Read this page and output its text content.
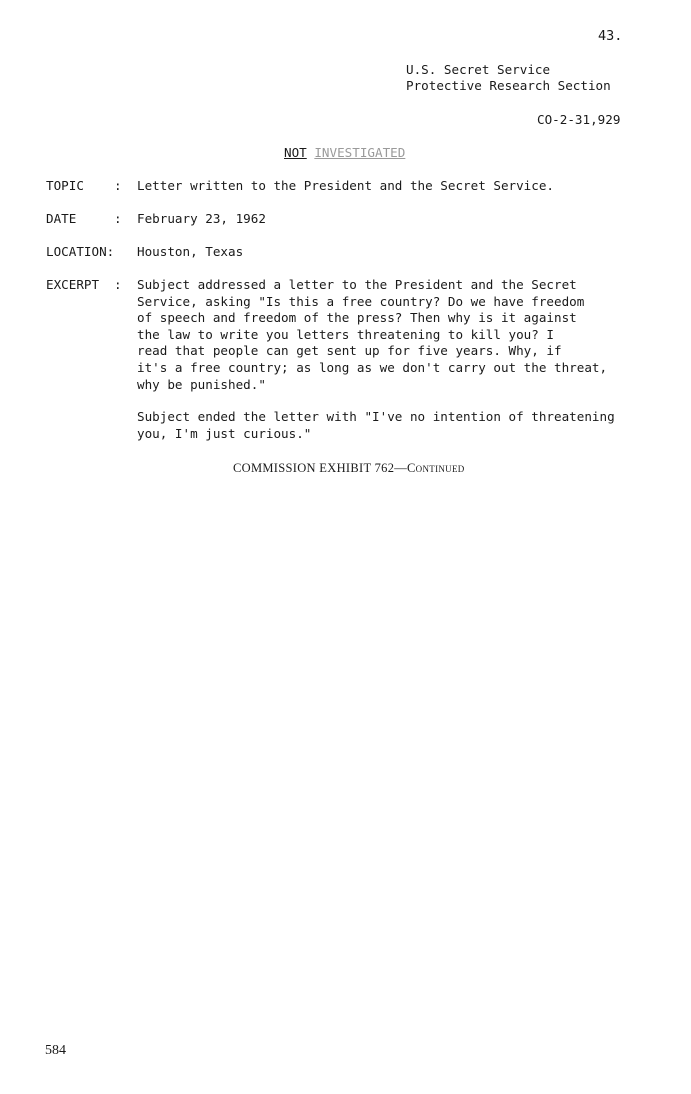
43.
U.S. Secret Service
Protective Research Section
CO-2-31,929
NOT INVESTIGATED
TOPIC : Letter written to the President and the Secret Service.
DATE	: February 23, 1962
LOCATION: Houston, Texas
EXCERPT : Subject addressed a letter to the President and the Secret
Service, asking "Is this a free country? Do we have freedom
of speech and freedom of the press? Then why is it against
the law to write you letters threatening to kill you? I
read that people can get sent up for five years. Why, if
it's a free country; as long as we don't carry out the threat,
why be punished."
Subject ended the letter with "I've no intention of threatening
you, I'm just curious."
COMMISSION EXHIBIT 762—Continued
584
